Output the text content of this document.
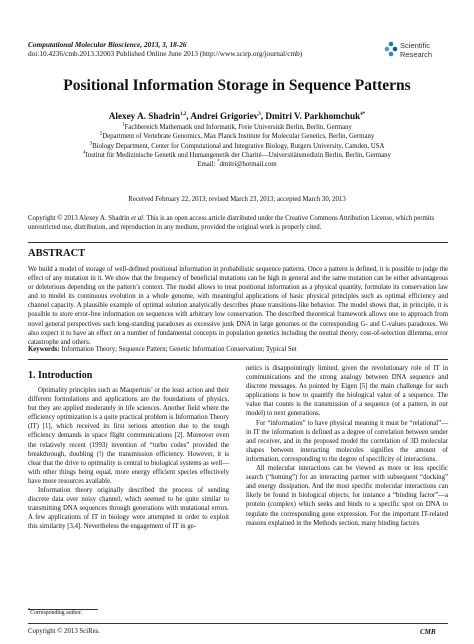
Computational Molecular Bioscience, 2013, 3, 18-26
doi:10.4236/cmb.2013.32003 Published Online June 2013 (http://www.scirp.org/journal/cmb)
Scientific
Research
Positional Information Storage in Sequence Patterns
Alexey A. Shadrin$^{1,2}$, Andrei Grigoriev$^3$, Dmitri V. Parkhomchuk$^{4*}$
$^1$Fachbereich Mathematik und Informatik, Freie Universität Berlin, Berlin, Germany
$^2$Department of Vertebrate Genomics, Max Planck Institute for Molecular Genetics, Berlin, Germany
$^3$Biology Department, Center for Computational and Integrative Biology, Rutgers University, Camden, USA
$^4$Institut für Medizinische Genetik und Humangenetik der Charité—Universitätsmedizin Berlin, Berlin, Germany
Email: *dmitri@hotmail.com
Received February 22, 2013; revised March 23, 2013; accepted March 30, 2013
Copyright © 2013 Alexey A. Shadrin et al. This is an open access article distributed under the Creative Commons Attribution License, which permits unrestricted use, distribution, and reproduction in any medium, provided the original work is properly cited.
ABSTRACT
We build a model of storage of well-defined positional information in probabilistic sequence patterns. Once a pattern is defined, it is possible to judge the effect of any mutation in it. We show that the frequency of beneficial mutations can be high in general and the same mutation can be either advantageous or deleterious depending on the pattern’s context. The model allows to treat positional information as a physical quantity, formulate its conservation law and to model its continuous evolution in a whole genome, with meaningful applications of basic physical principles such as optimal efficiency and channel capacity. A plausible example of optimal solution analytically describes phase transitions-like behavior. The model shows that, in principle, it is possible to store error-free information on sequences with arbitrary low conservation. The described theoretical framework allows one to approach from novel general perspectives such long-standing paradoxes as excessive junk DNA in large genomes or the corresponding G- and C-values paradoxes. We also expect it to have an effect on a number of fundamental concepts in population genetics including the neutral theory, cost-of-selection dilemma, error catastrophe and others.
Keywords: Information Theory; Sequence Pattern; Genetic Information Conservation; Typical Set
1. Introduction

Optimality principles such as Maupertuis’ or the least action and their different formulations and applications are the foundations of physics, but they are applied moderately in life sciences. Another field where the efficiency optimization is a quite practical problem is Information Theory (IT) [1], which received its first serious attention due to the tough efficiency demands in space flight communications [2]. Moreover even the relatively recent (1993) invention of “turbo codes” provided the breakthrough, doubling (!) the transmission efficiency. However, it is clear that the drive to optimality is central to biological systems as well—with other things being equal, more energy efficient species effectively have more resources available.

Information theory originally described the process of sending discrete data over noisy channel, which seemed to be quite similar to transmitting DNA sequences through generations with mutational errors. A few applications of IT in biology were attempted in order to exploit this similarity [3,4]. Nevertheless the engagement of IT in ge-

netics is disappointingly limited, given the revolutionary role of IT in communications and the strong analogy between DNA sequence and discrete messages. As pointed by Eigen [5] the main challenge for such applications is how to quantify the biological value of a sequence. The value that counts is the transmission of a sequence (or a pattern, in our model) to next generations.

For “information” to have physical meaning it must be “relational”—in IT the information is defined as a degree of correlation between sender and receiver, and in the proposed model the correlation of 3D molecular shapes between interacting molecules signifies the amount of information, corresponding to the degree of specificity of interactions.

All molecular interactions can be viewed as more or less specific search (“homing”) for an interacting partner with subsequent “docking” and energy dissipation. And the most specific molecular interactions can likely be found in biological objects; for instance a “binding factor”—a protein (complex) which seeks and binds to a specific spot on DNA to regulate the corresponding gene expression. For the important IT-related reasons explained in the Methods section, many binding factors

*Corresponding author.
Copyright © 2013 SciRes.	CMB
